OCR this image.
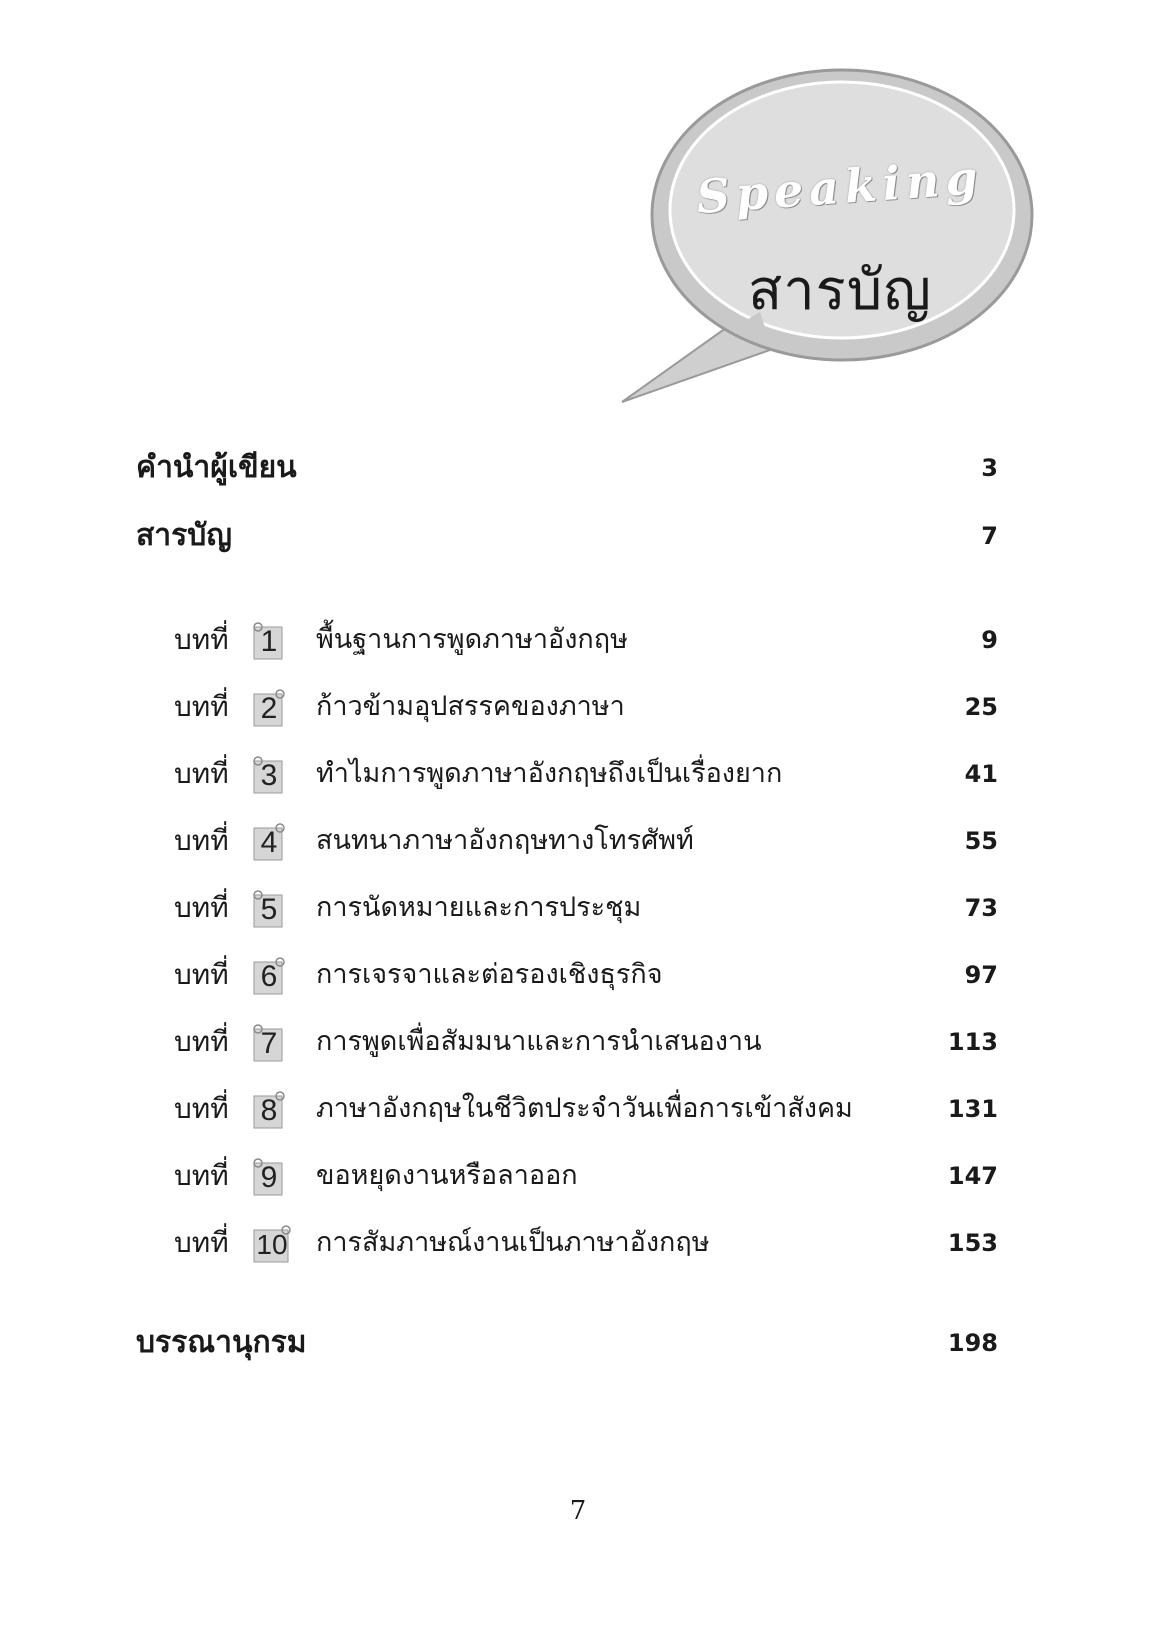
Speaking
สารบัญ
คำนำผู้เขียน	3
สารบัญ	7
บทที่	1	พื้นฐานการพูดภาษาอังกฤษ	9
บทที่	2	ก้าวข้ามอุปสรรคของภาษา	25
บทที่	3	ทำไมการพูดภาษาอังกฤษถึงเป็นเรื่องยาก	41
บทที่	4	สนทนาภาษาอังกฤษทางโทรศัพท์	55
บทที่	5	การนัดหมายและการประชุม	73
บทที่	6	การเจรจาและต่อรองเชิงธุรกิจ	97
บทที่	7	การพูดเพื่อสัมมนาและการนำเสนองาน	113
บทที่	8	ภาษาอังกฤษในชีวิตประจำวันเพื่อการเข้าสังคม	131
บทที่	9	ขอหยุดงานหรือลาออก	147
บทที่ 10 การสัมภาษณ์งานเป็นภาษาอังกฤษ	153
บรรณานุกรม	198
7
